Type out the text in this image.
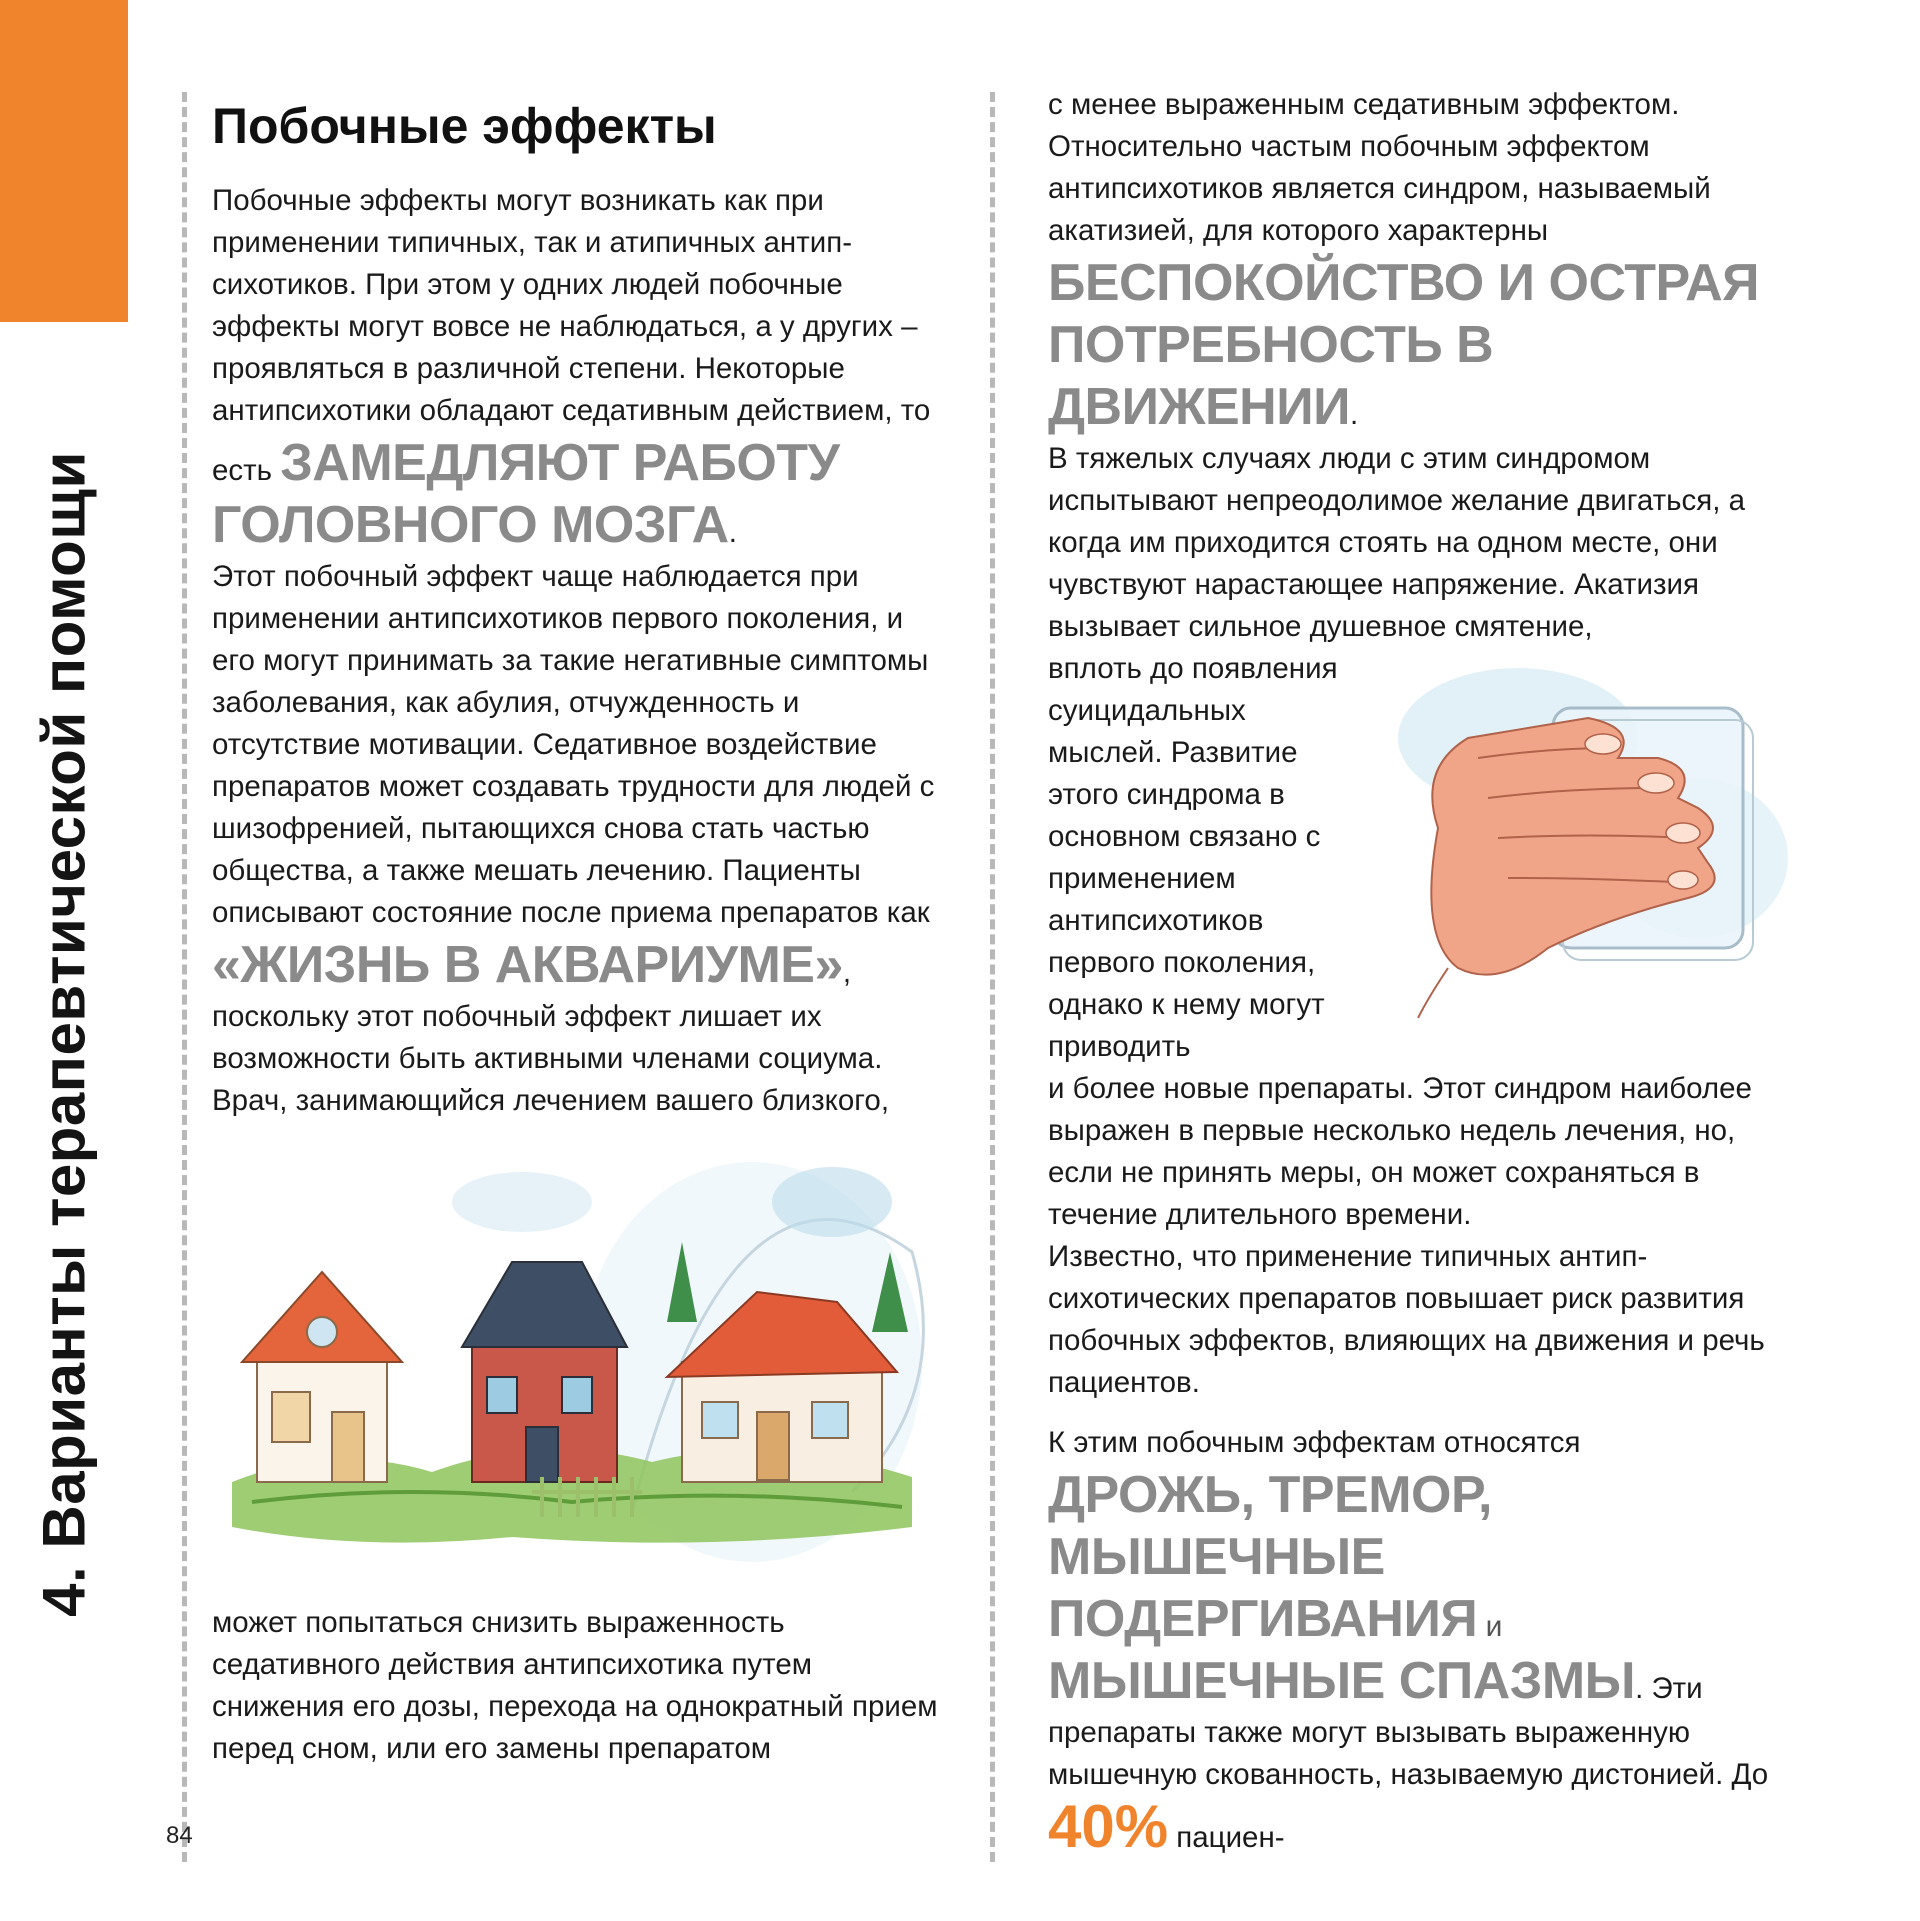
4. Варианты терапевтической помощи
84
Побочные эффекты

Побочные эффекты могут возникать как при применении типичных, так и атипичных антипсихотиков. При этом у одних людей побочные эффекты могут вовсе не наблюдаться, а у других – проявляться в различной степени. Некоторые антипсихотики обладают седативным действием, то есть ЗАМЕДЛЯЮТ РАБОТУ ГОЛОВНОГО МОЗГА.

Этот побочный эффект чаще наблюдается при применении антипсихотиков первого поколения, и его могут принимать за такие негативные симптомы заболевания, как абулия, отчужденность и отсутствие мотивации. Седативное воздействие препаратов может создавать трудности для людей с шизофренией, пытающихся снова стать частью общества, а также мешать лечению. Пациенты описывают состояние после приема препаратов как «ЖИЗНЬ В АКВАРИУМЕ»,

поскольку этот побочный эффект лишает их возможности быть активными членами социума. Врач, занимающийся лечением вашего близкого,

может попытаться снизить выраженность седативного действия антипсихотика путем снижения его дозы, перехода на однократный прием перед сном, или его замены препаратом

с менее выраженным седативным эффектом. Относительно частым побочным эффектом антипсихотиков является синдром, называемый акатизией, для которого характерны
БЕСПОКОЙСТВО И ОСТРАЯ ПОТРЕБНОСТЬ В ДВИЖЕНИИ.

В тяжелых случаях люди с этим синдромом испытывают непреодолимое желание двигаться, а когда им приходится стоять на одном месте, они чувствуют нарастающее напряжение. Акатизия вызывает сильное душевное смятение,

вплоть до появления суицидальных мыслей. Развитие этого синдрома в основном связано с применением антипсихотиков первого поколения, однако к нему могут приводить

и более новые препараты. Этот синдром наиболее выражен в первые несколько недель лечения, но, если не принять меры, он может сохраняться в течение длительного времени.

Известно, что применение типичных антипсихотических препаратов повышает риск развития побочных эффектов, влияющих на движения и речь пациентов.

К этим побочным эффектам относятся
ДРОЖЬ, ТРЕМОР, МЫШЕЧНЫЕ ПОДЕРГИВАНИЯ и МЫШЕЧНЫЕ СПАЗМЫ. Эти препараты также могут вызывать выраженную мышечную скованность, называемую дистонией. До 40% пациен-
